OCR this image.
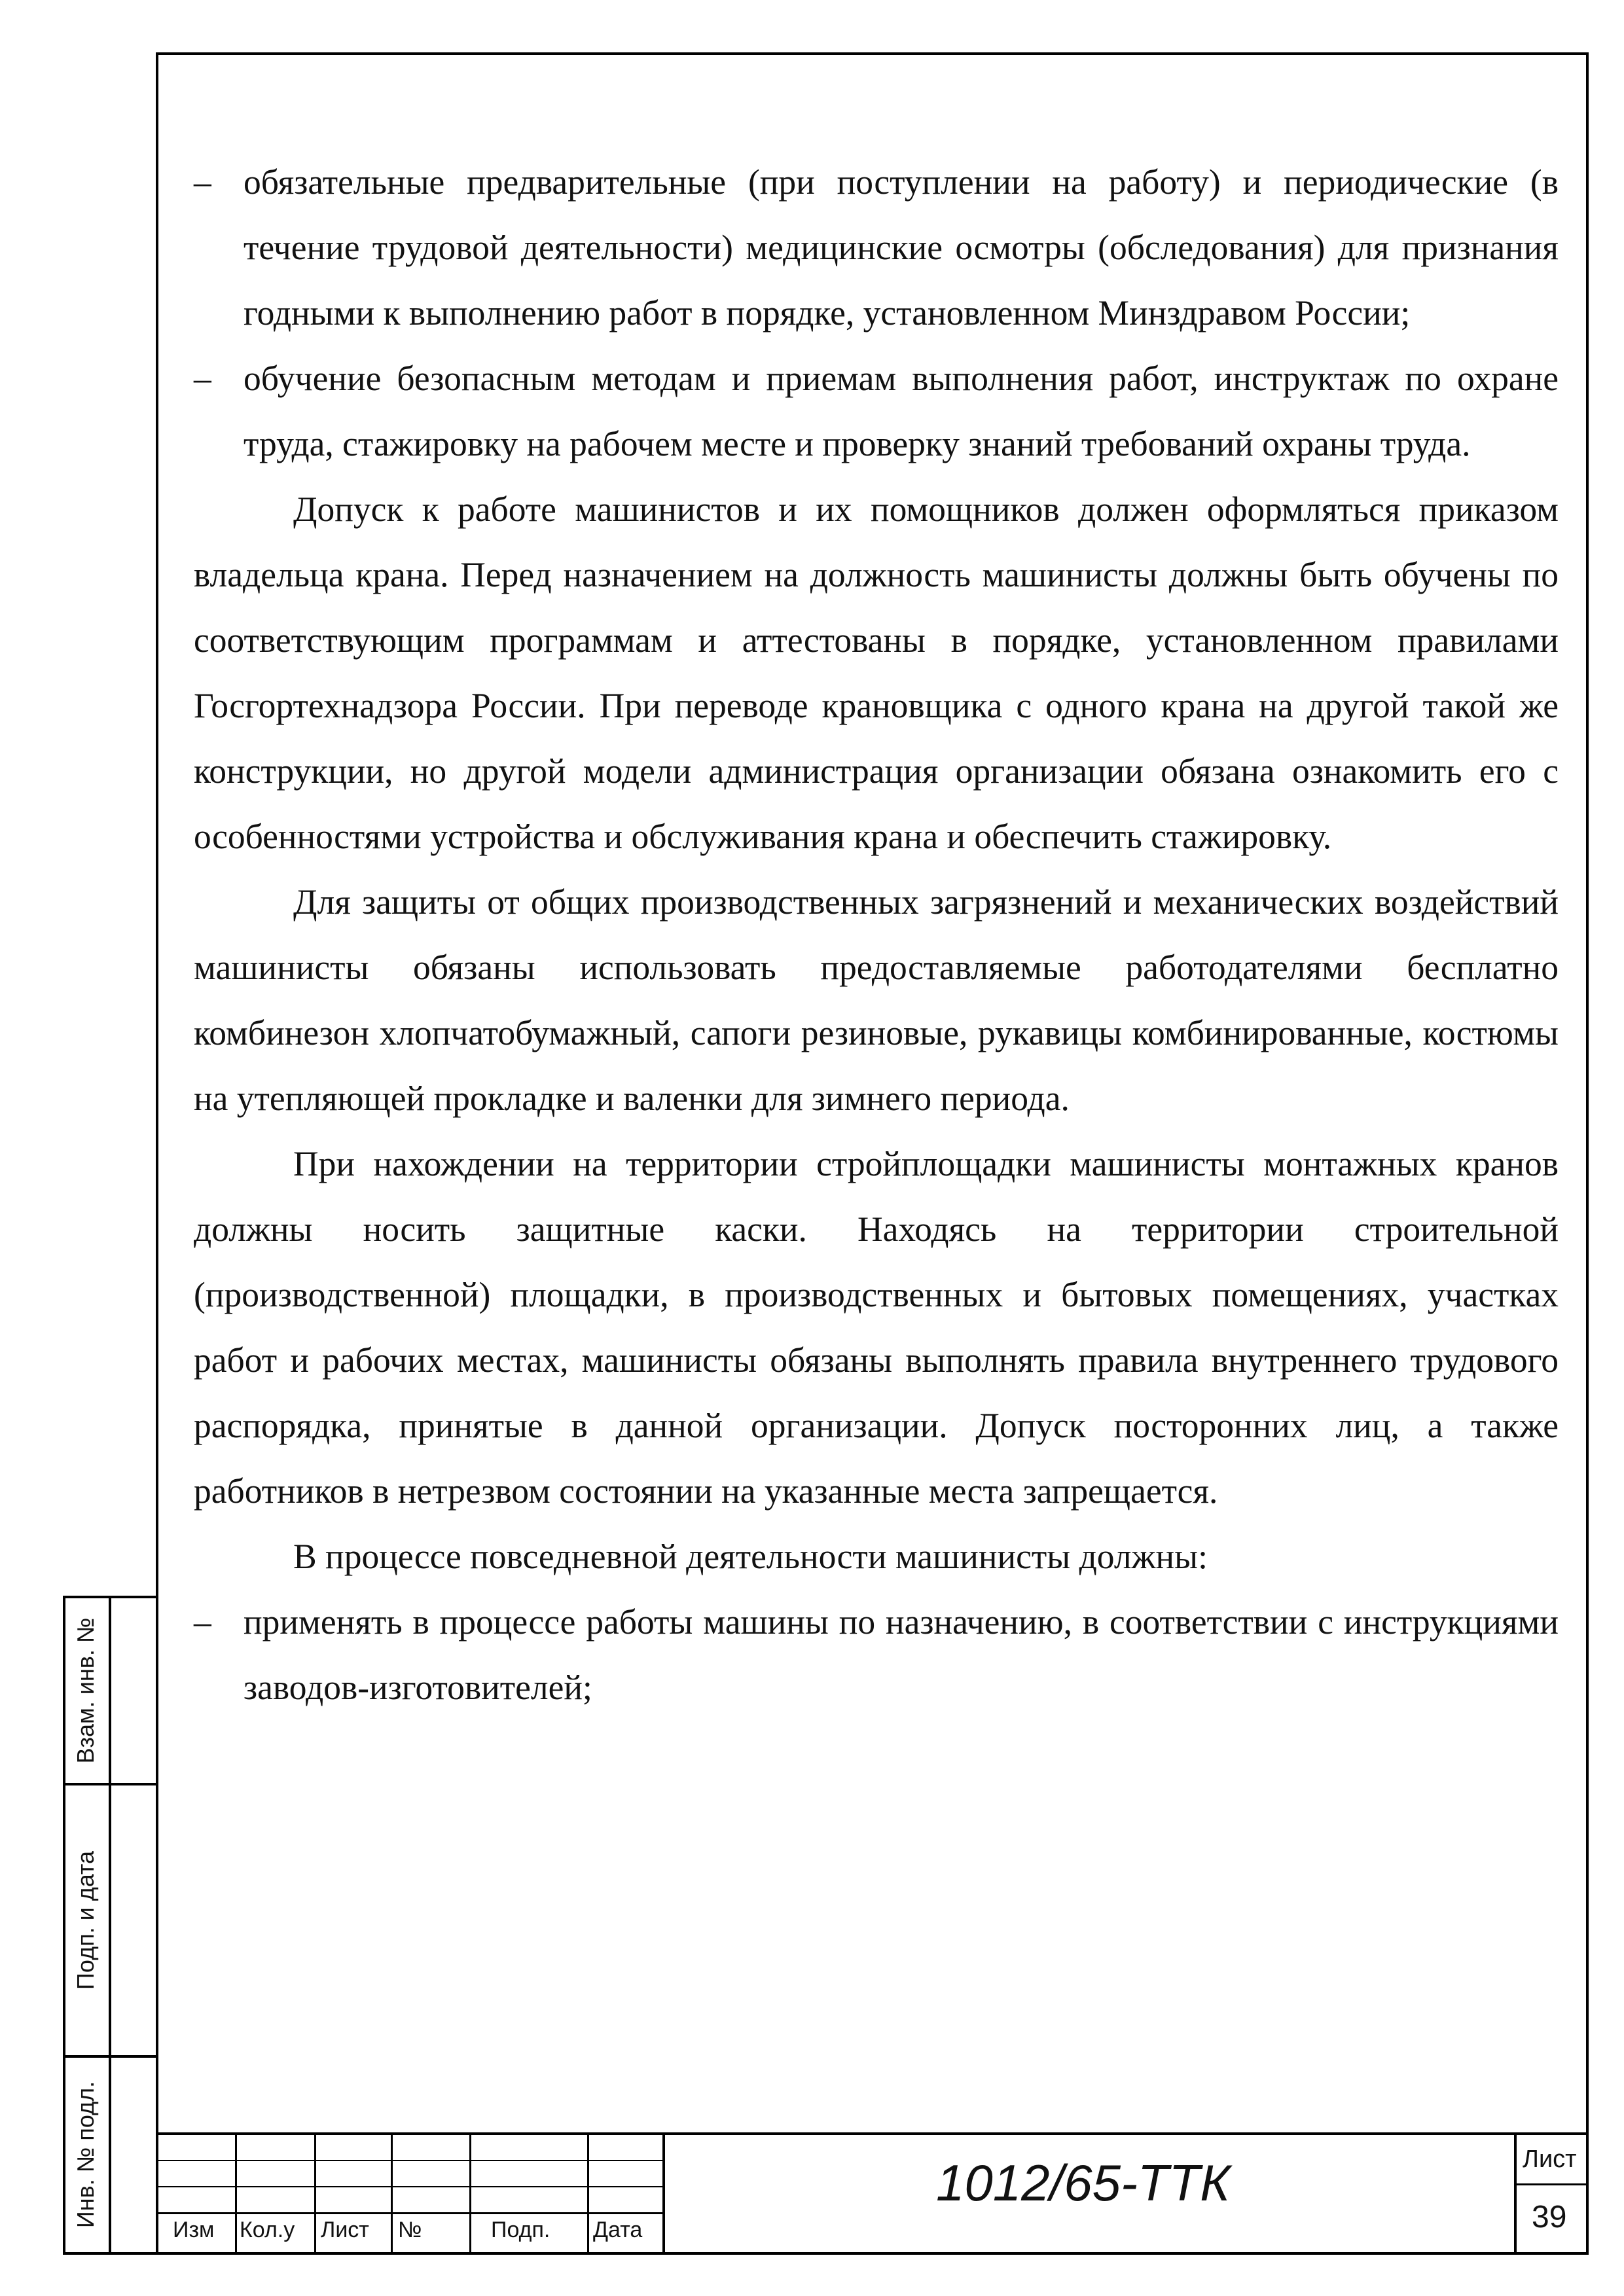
– обязательные предварительные (при поступлении на работу) и периодические (в течение трудовой деятельности) медицинские осмотры (обследования) для признания годными к выполнению работ в порядке, установленном Минздравом России;

– обучение безопасным методам и приемам выполнения работ, инструктаж по охране труда, стажировку на рабочем месте и проверку знаний требований охраны труда.

Допуск к работе машинистов и их помощников должен оформляться приказом владельца крана. Перед назначением на должность машинисты должны быть обучены по соответствующим программам и аттестованы в порядке, установленном правилами Госгортехнадзора России. При переводе крановщика с одного крана на другой такой же конструкции, но другой модели администрация организации обязана ознакомить его с особенностями устройства и обслуживания крана и обеспечить стажировку.

Для защиты от общих производственных загрязнений и механических воздействий машинисты обязаны использовать предоставляемые работодателями бесплатно комбинезон хлопчатобумажный, сапоги резиновые, рукавицы комбинированные, костюмы на утепляющей прокладке и валенки для зимнего периода.

При нахождении на территории стройплощадки машинисты монтажных кранов должны носить защитные каски. Находясь на территории строительной (производственной) площадки, в производственных и бытовых помещениях, участках работ и рабочих местах, машинисты обязаны выполнять правила внутреннего трудового распорядка, принятые в данной организации. Допуск посторонних лиц, а также работников в нетрезвом состоянии на указанные места запрещается.

В процессе повседневной деятельности машинисты должны:

– применять в процессе работы машины по назначению, в соответствии с инструкциями заводов-изготовителей;

Взам. инв. №
Подп. и дата
Инв. № подл.
Изм Кол.у Лист №	Подп. Дата
1012/65-ТТК	Лист
39
